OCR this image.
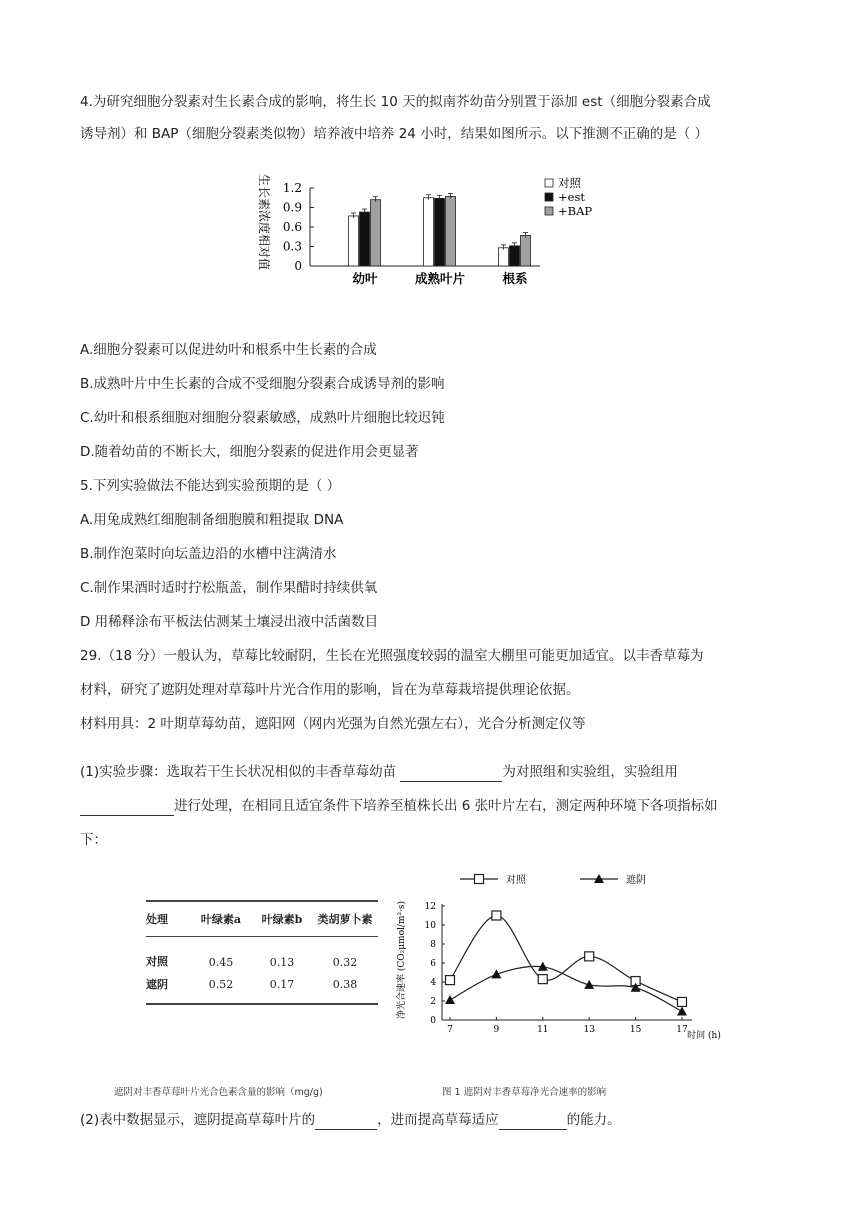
4.为研究细胞分裂素对生长素合成的影响，将生长 10 天的拟南芥幼苗分别置于添加 est（细胞分裂素合成
诱导剂）和 BAP（细胞分裂素类似物）培养液中培养 24 小时，结果如图所示。以下推测不正确的是（ ）
生长素浓度相对值 1.2
0.9
0.6
0.3
0
幼叶	成熟叶片	根系
对照
+est
+BAP
A.细胞分裂素可以促进幼叶和根系中生长素的合成
B.成熟叶片中生长素的合成不受细胞分裂素合成诱导剂的影响
C.幼叶和根系细胞对细胞分裂素敏感，成熟叶片细胞比较迟钝
D.随着幼苗的不断长大，细胞分裂素的促进作用会更显著
5.下列实验做法不能达到实验预期的是（ ）
A.用兔成熟红细胞制备细胞膜和粗提取 DNA
B.制作泡菜时向坛盖边沿的水槽中注满清水
C.制作果酒时适时拧松瓶盖，制作果醋时持续供氧
D 用稀释涂布平板法估测某土壤浸出液中活菌数目
29.（18 分）一般认为，草莓比较耐阴，生长在光照强度较弱的温室大棚里可能更加适宜。以丰香草莓为
材料，研究了遮阴处理对草莓叶片光合作用的影响，旨在为草莓栽培提供理论依据。
材料用具：2 叶期草莓幼苗，遮阳网（网内光强为自然光强左右），光合分析测定仪等
(1)实验步骤：选取若干生长状况相似的丰香草莓幼苗	为对照组和实验组，实验组用
进行处理，在相同且适宜条件下培养至植株长出 6 张叶片左右，测定两种环境下各项指标如
下：
处理	叶绿素a	叶绿素b	类胡萝卜素
对照	0.45	0.13	0.32
遮阴	0.52	0.17	0.38
对照	遮阴
净光合速率 (CO₂μmol/m²·s) 12
10
8
6
4
2
0
7	9	11	13	15	17
时间 (h)
遮阴对丰香草莓叶片光合色素含量的影响（mg/g)	图 1 遮阴对丰香草莓净光合速率的影响
(2)表中数据显示，遮阴提高草莓叶片的	，进而提高草莓适应	的能力。
